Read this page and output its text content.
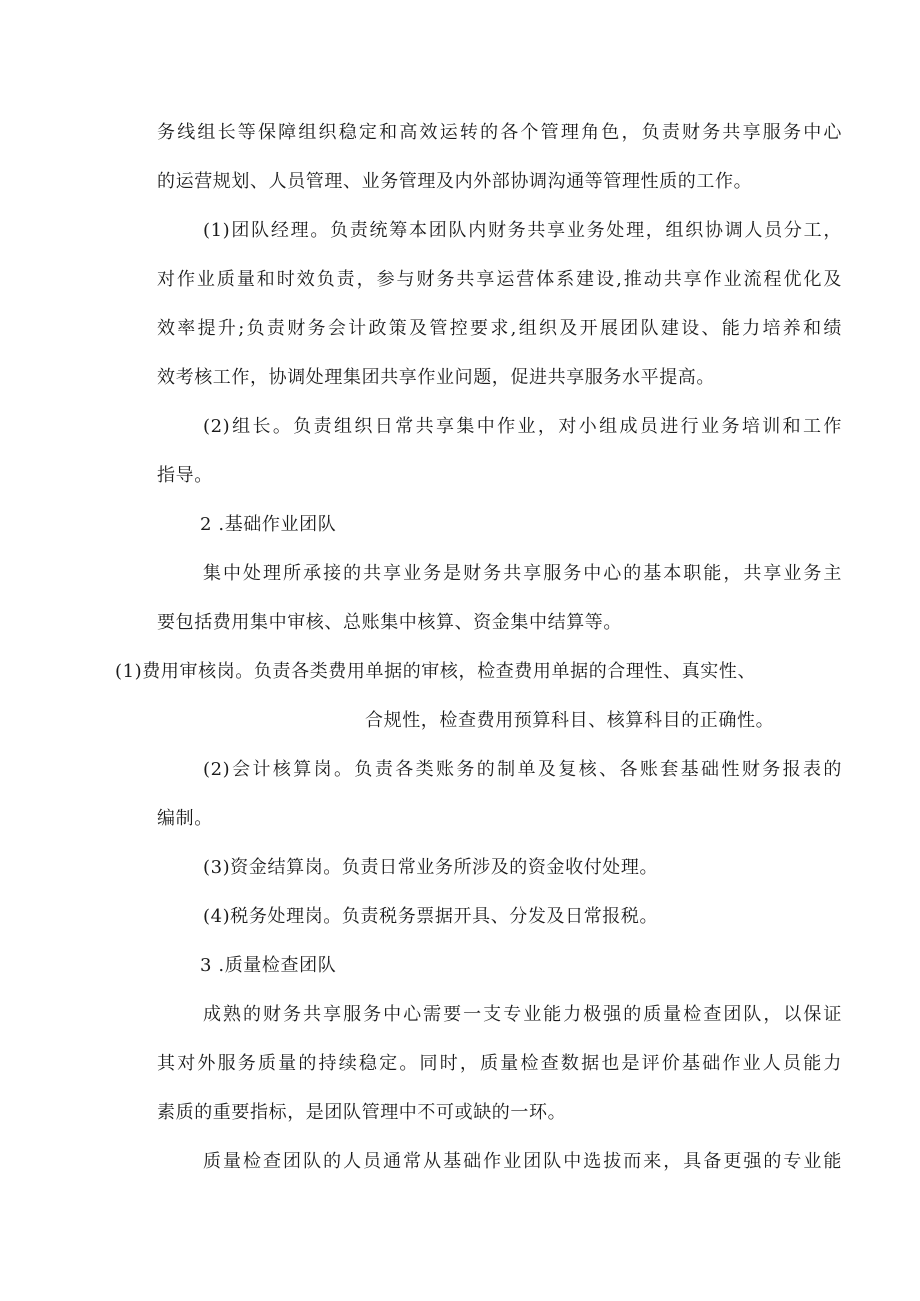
务线组长等保障组织稳定和高效运转的各个管理角色，负责财务共享服务中心
的运营规划、人员管理、业务管理及内外部协调沟通等管理性质的工作。
(1)团队经理。负责统筹本团队内财务共享业务处理，组织协调人员分工，
对作业质量和时效负责，参与财务共享运营体系建设,推动共享作业流程优化及
效率提升;负责财务会计政策及管控要求,组织及开展团队建设、能力培养和绩
效考核工作，协调处理集团共享作业问题，促进共享服务水平提高。
(2)组长。负责组织日常共享集中作业，对小组成员进行业务培训和工作
指导。
2 .基础作业团队
集中处理所承接的共享业务是财务共享服务中心的基本职能，共享业务主
要包括费用集中审核、总账集中核算、资金集中结算等。
(1)费用审核岗。负责各类费用单据的审核，检查费用单据的合理性、真实性、
合规性，检查费用预算科目、核算科目的正确性。
(2)会计核算岗。负责各类账务的制单及复核、各账套基础性财务报表的
编制。
(3)资金结算岗。负责日常业务所涉及的资金收付处理。
(4)税务处理岗。负责税务票据开具、分发及日常报税。
3 .质量检查团队
成熟的财务共享服务中心需要一支专业能力极强的质量检查团队，以保证
其对外服务质量的持续稳定。同时，质量检查数据也是评价基础作业人员能力
素质的重要指标，是团队管理中不可或缺的一环。
质量检查团队的人员通常从基础作业团队中选拔而来，具备更强的专业能
